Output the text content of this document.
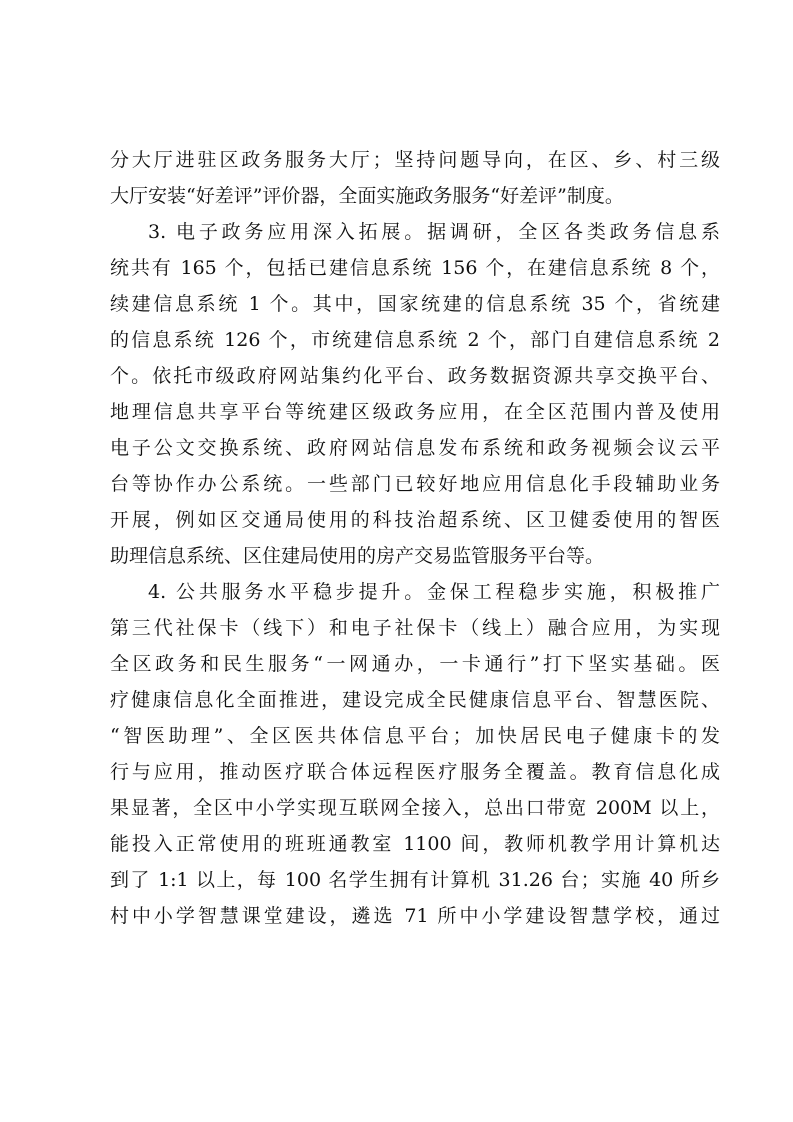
分大厅进驻区政务服务大厅；坚持问题导向，在区、乡、村三级
大厅安装“好差评”评价器，全面实施政务服务“好差评”制度。
3. 电子政务应用深入拓展。据调研，全区各类政务信息系
统共有 165 个，包括已建信息系统 156 个，在建信息系统 8 个，
续建信息系统 1 个。其中，国家统建的信息系统 35 个，省统建
的信息系统 126 个，市统建信息系统 2 个，部门自建信息系统 2
个。依托市级政府网站集约化平台、政务数据资源共享交换平台、
地理信息共享平台等统建区级政务应用，在全区范围内普及使用
电子公文交换系统、政府网站信息发布系统和政务视频会议云平
台等协作办公系统。一些部门已较好地应用信息化手段辅助业务
开展，例如区交通局使用的科技治超系统、区卫健委使用的智医
助理信息系统、区住建局使用的房产交易监管服务平台等。
4. 公共服务水平稳步提升。金保工程稳步实施，积极推广
第三代社保卡（线下）和电子社保卡（线上）融合应用，为实现
全区政务和民生服务“一网通办，一卡通行”打下坚实基础。医
疗健康信息化全面推进，建设完成全民健康信息平台、智慧医院、
“智医助理”、全区医共体信息平台；加快居民电子健康卡的发
行与应用，推动医疗联合体远程医疗服务全覆盖。教育信息化成
果显著，全区中小学实现互联网全接入，总出口带宽 200M 以上，
能投入正常使用的班班通教室 1100 间，教师机教学用计算机达
到了 1:1 以上，每 100 名学生拥有计算机 31.26 台；实施 40 所乡
村中小学智慧课堂建设，遴选 71 所中小学建设智慧学校，通过
